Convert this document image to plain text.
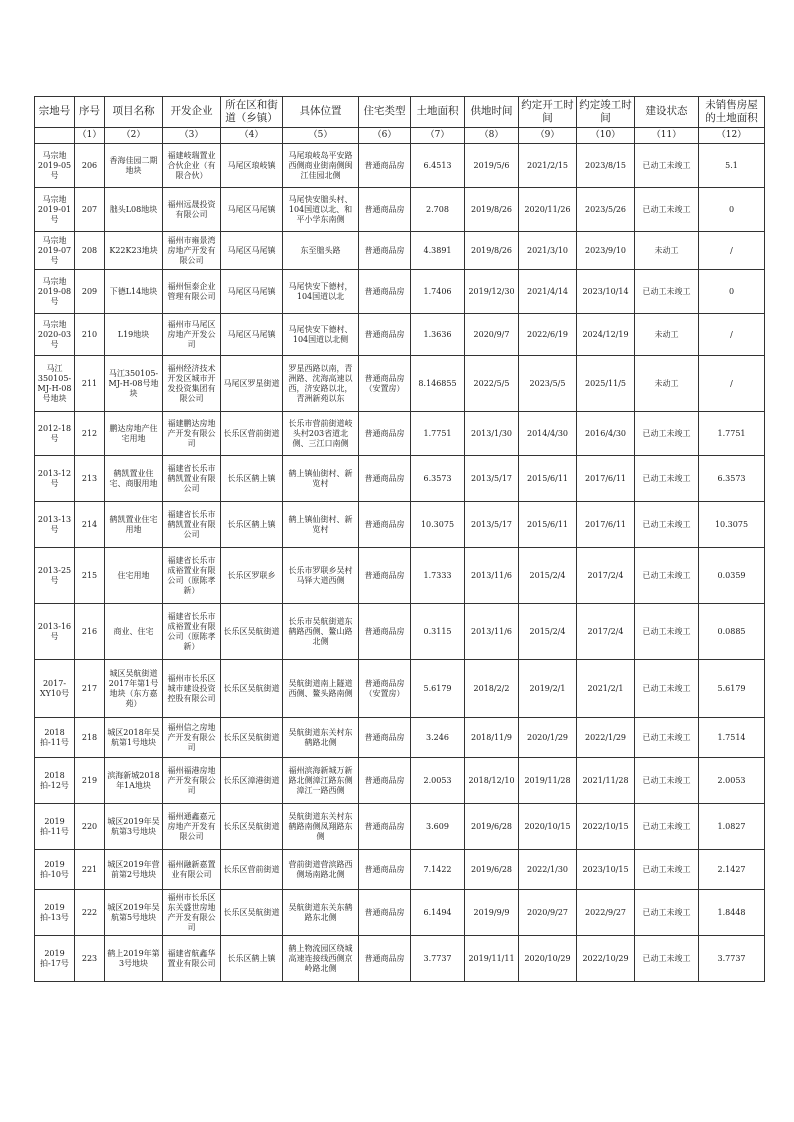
宗地号	序号	项目名称	开发企业	所在区和街道（乡镇）	具体位置	住宅类型	土地面积	供地时间	约定开工时间	约定竣工时间	建设状态	未销售房屋的土地面积
	（1）	（2）	（3）	（4）	（5）	（6）	（7）	（8）	（9）	（10）	（11）	（12）
马宗地2019-05号	206	香海佳园二期地块	福建岐瑞置业合伙企业（有限合伙）	马尾区琅岐镇	马尾琅岐岛平安路西侧商业街南侧闽江佳园北侧	普通商品房	6.4513	2019/5/6	2021/2/15	2023/8/15	已动工未竣工	5.1
马宗地2019-01号	207	朏头L08地块	福州远晟投资有限公司	马尾区马尾镇	马尾快安朏头村、104国道以北、和平小学东南侧	普通商品房	2.708	2019/8/26	2020/11/26	2023/5/26	已动工未竣工	0
马宗地2019-07号	208	K22K23地块	福州市雍景湾房地产开发有限公司	马尾区马尾镇	东至朏头路	普通商品房	4.3891	2019/8/26	2021/3/10	2023/9/10	未动工	/
马宗地2019-08号	209	下德L14地块	福州恒泰企业管理有限公司	马尾区马尾镇	马尾快安下德村，104国道以北	普通商品房	1.7406	2019/12/30	2021/4/14	2023/10/14	已动工未竣工	0
马宗地2020-03号	210	L19地块	福州市马尾区房地产开发公司	马尾区马尾镇	马尾快安下德村、104国道以北侧	普通商品房	1.3636	2020/9/7	2022/6/19	2024/12/19	未动工	/
马江350105-MJ-H-08号地块	211	马江350105-MJ-H-08号地块	福州经济技术开发区城市开发投资集团有限公司	马尾区罗星街道	罗星西路以南，青洲路、沈海高速以西，济安路以北，青洲新苑以东	普通商品房（安置房）	8.146855	2022/5/5	2023/5/5	2025/11/5	未动工	/
2012-18号	212	鹏达房地产住宅用地	福建鹏达房地产开发有限公司	长乐区营前街道	长乐市营前街道岐头村203省道北侧、三江口南侧	普通商品房	1.7751	2013/1/30	2014/4/30	2016/4/30	已动工未竣工	1.7751
2013-12号	213	鹤凯置业住宅、商服用地	福建省长乐市鹤凯置业有限公司	长乐区鹤上镇	鹤上镇仙街村、新览村	普通商品房	6.3573	2013/5/17	2015/6/11	2017/6/11	已动工未竣工	6.3573
2013-13号	214	鹤凯置业住宅用地	福建省长乐市鹤凯置业有限公司	长乐区鹤上镇	鹤上镇仙街村、新览村	普通商品房	10.3075	2013/5/17	2015/6/11	2017/6/11	已动工未竣工	10.3075
2013-25号	215	住宅用地	福建省长乐市成裕置业有限公司（原陈孝新）	长乐区罗联乡	长乐市罗联乡吴村马铎大道西侧	普通商品房	1.7333	2013/11/6	2015/2/4	2017/2/4	已动工未竣工	0.0359
2013-16号	216	商业、住宅	福建省长乐市成裕置业有限公司（原陈孝新）	长乐区吴航街道	长乐市吴航街道东鹤路西侧、鳌山路北侧	普通商品房	0.3115	2013/11/6	2015/2/4	2017/2/4	已动工未竣工	0.0885
2017-XY10号	217	城区吴航街道2017年第1号地块（东方嘉苑）	福州市长乐区城市建设投资控股有限公司	长乐区吴航街道	吴航街道南上隧道西侧、鳌头路南侧	普通商品房（安置房）	5.6179	2018/2/2	2019/2/1	2021/2/1	已动工未竣工	5.6179
2018拍-11号	218	城区2018年吴航第1号地块	福州信之房地产开发有限公司	长乐区吴航街道	吴航街道东关村东鹤路北侧	普通商品房	3.246	2018/11/9	2020/1/29	2022/1/29	已动工未竣工	1.7514
2018拍-12号	219	滨海新城2018年1A地块	福州福港房地产开发有限公司	长乐区漳港街道	福州滨海新城万新路北侧漳江路东侧漳江一路西侧	普通商品房	2.0053	2018/12/10	2019/11/28	2021/11/28	已动工未竣工	2.0053
2019拍-11号	220	城区2019年吴航第3号地块	福州通鑫嘉元房地产开发有限公司	长乐区吴航街道	吴航街道东关村东鹤路南侧凤翔路东侧	普通商品房	3.609	2019/6/28	2020/10/15	2022/10/15	已动工未竣工	1.0827
2019拍-10号	221	城区2019年营前第2号地块	福州融新嘉置业有限公司	长乐区营前街道	营前街道营滨路西侧场南路北侧	普通商品房	7.1422	2019/6/28	2022/1/30	2023/10/15	已动工未竣工	2.1427
2019拍-13号	222	城区2019年吴航第5号地块	福州市长乐区东关盛世房地产开发有限公司	长乐区吴航街道	吴航街道东关东鹤路东北侧	普通商品房	6.1494	2019/9/9	2020/9/27	2022/9/27	已动工未竣工	1.8448
2019拍-17号	223	鹤上2019年第3号地块	福建省航鑫华置业有限公司	长乐区鹤上镇	鹤上物流园区绕城高速连接线西侧京岭路北侧	普通商品房	3.7737	2019/11/11	2020/10/29	2022/10/29	已动工未竣工	3.7737
